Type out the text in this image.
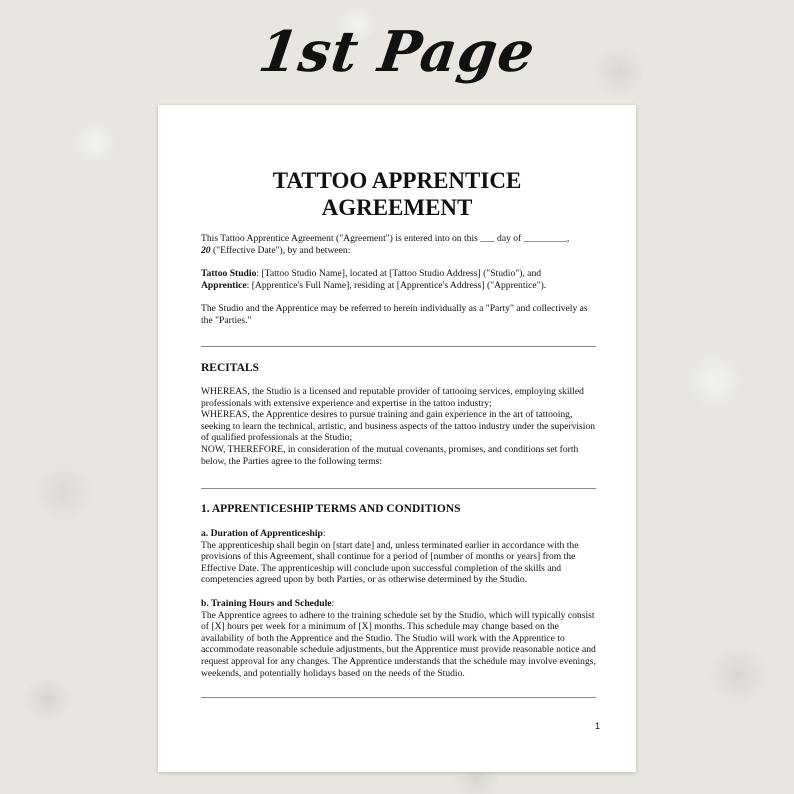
1st Page
TATTOO APPRENTICE
AGREEMENT

This Tattoo Apprentice Agreement ("Agreement") is entered into on this ___ day of _________,
20 ("Effective Date"), by and between:

Tattoo Studio: [Tattoo Studio Name], located at [Tattoo Studio Address] ("Studio"), and
Apprentice: [Apprentice's Full Name], residing at [Apprentice's Address] ("Apprentice").

The Studio and the Apprentice may be referred to herein individually as a "Party" and collectively as the "Parties."

RECITALS

WHEREAS, the Studio is a licensed and reputable provider of tattooing services, employing skilled professionals with extensive experience and expertise in the tattoo industry;
WHEREAS, the Apprentice desires to pursue training and gain experience in the art of tattooing, seeking to learn the technical, artistic, and business aspects of the tattoo industry under the supervision of qualified professionals at the Studio;
NOW, THEREFORE, in consideration of the mutual covenants, promises, and conditions set forth below, the Parties agree to the following terms:

1. APPRENTICESHIP TERMS AND CONDITIONS

a. Duration of Apprenticeship:
The apprenticeship shall begin on [start date] and, unless terminated earlier in accordance with the provisions of this Agreement, shall continue for a period of [number of months or years] from the Effective Date. The apprenticeship will conclude upon successful completion of the skills and competencies agreed upon by both Parties, or as otherwise determined by the Studio.
b. Training Hours and Schedule:
The Apprentice agrees to adhere to the training schedule set by the Studio, which will typically consist of [X] hours per week for a minimum of [X] months. This schedule may change based on the availability of both the Apprentice and the Studio. The Studio will work with the Apprentice to accommodate reasonable schedule adjustments, but the Apprentice must provide reasonable notice and request approval for any changes. The Apprentice understands that the schedule may involve evenings, weekends, and potentially holidays based on the needs of the Studio.
1
